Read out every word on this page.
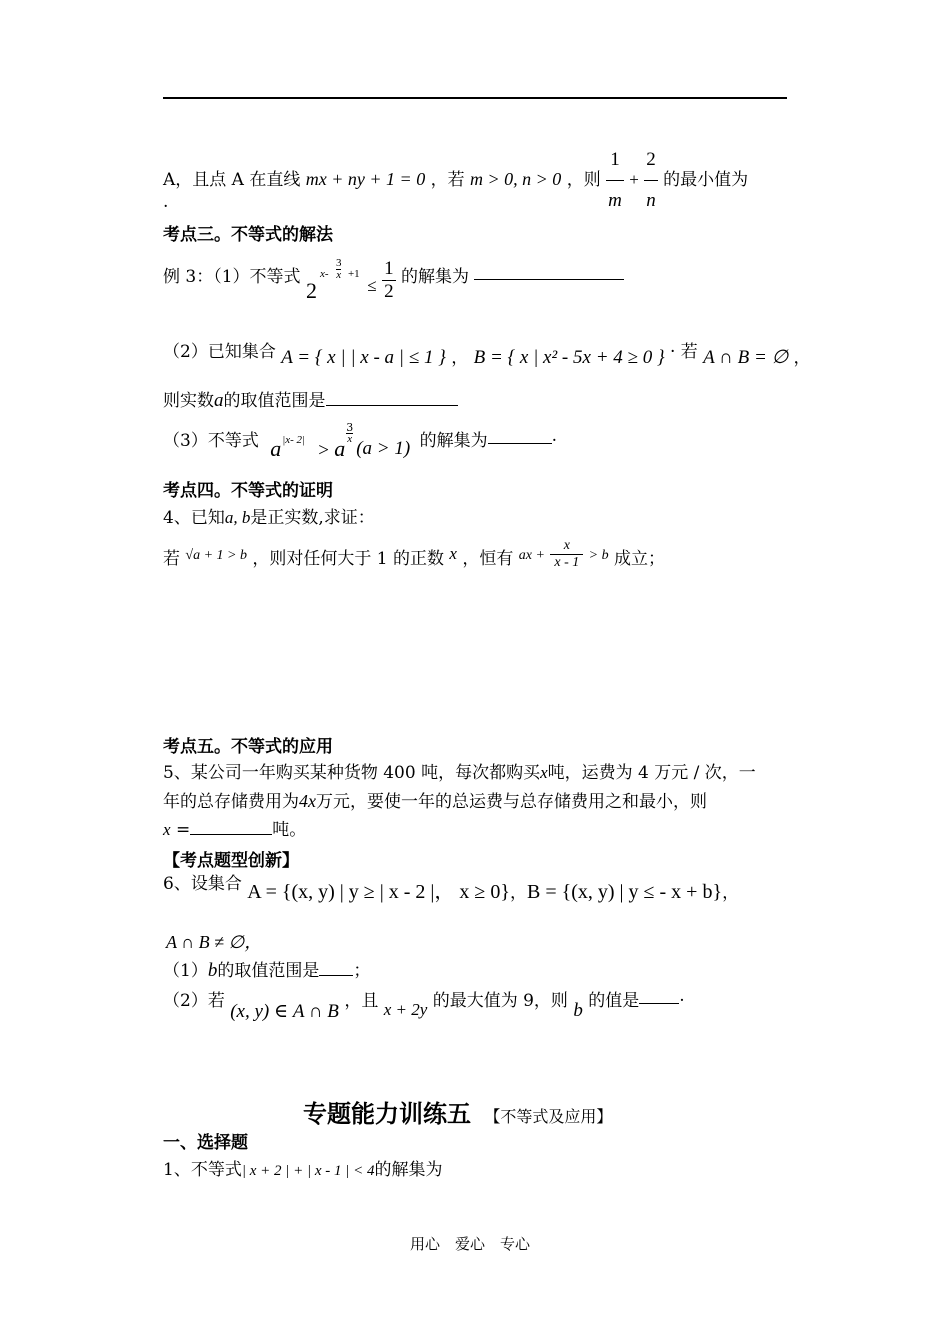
A，且点 A 在直线 mx + ny + 1 = 0 ，若 m > 0, n > 0 ，则 $\frac{1}{m} + \frac{2}{n}$ 的最小值为
.
考点三。不等式的解法
例 3：（1）不等式
2
x-
3
x +1
≤ $\frac{1}{2}$ 的解集为
（2）已知集合 A = { x | | x - a | ≤ 1 } ， B = { x | x² - 5x + 4 ≥ 0 } · 若 A ∩ B = ∅ ，
则实数a的取值范围是
（3）不等式 a |x- 2| > a
3
x (a > 1) 的解集为	.
考点四。不等式的证明
4、已知a, b是正实数,求证：
若 $^{√a + 1 > b}$ ，则对任何大于 1 的正数 x ，恒有 $^{ax +} \frac{x}{x - 1} ^{> b}$ 成立；
考点五。不等式的应用
5、某公司一年购买某种货物 400 吨，每次都购买x吨，运费为 4 万元 / 次，一
年的总存储费用为4x万元，要使一年的总运费与总存储费用之和最小，则
x =	吨。
【考点题型创新】
6、设集合 A = {(x, y) | y ≥ | x - 2 |， x ≥ 0}，B = {(x, y) | y ≤ - x + b}，
A ∩ B ≠ ∅，
（1）b的取值范围是 ；
（2）若 (x, y) ∈ A ∩ B ，且 x + 2y 的最大值为 9，则 b 的值是 .
专题能力训练五 【不等式及应用】
一、选择题
1、不等式| x + 2 | + | x - 1 | < 4的解集为
用心　爱心　专心
